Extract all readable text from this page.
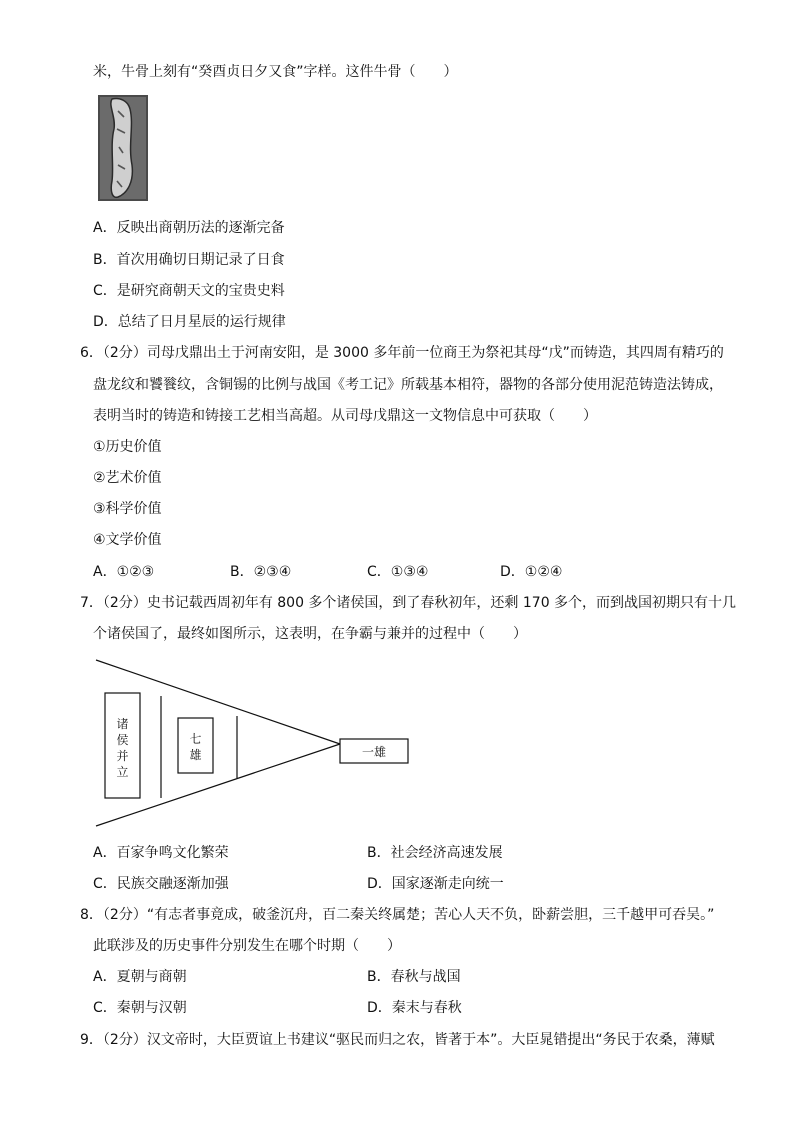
米，牛骨上刻有“癸酉贞日夕又食”字样。这件牛骨（　　）
A．反映出商朝历法的逐渐完备
B．首次用确切日期记录了日食
C．是研究商朝天文的宝贵史料
D．总结了日月星辰的运行规律
6．（2分）司母戊鼎出土于河南安阳，是 3000 多年前一位商王为祭祀其母“戊”而铸造，其四周有精巧的
盘龙纹和饕餮纹，含铜锡的比例与战国《考工记》所载基本相符，器物的各部分使用泥范铸造法铸成，
表明当时的铸造和铸接工艺相当高超。从司母戊鼎这一文物信息中可获取（　　）
①历史价值
②艺术价值
③科学价值
④文学价值
A．①②③	B．②③④	C．①③④	D．①②④
7．（2分）史书记载西周初年有 800 多个诸侯国，到了春秋初年，还剩 170 多个，而到战国初期只有十几
个诸侯国了，最终如图所示，这表明，在争霸与兼并的过程中（　　）
诸
侯
并
立
七
雄	一雄
A．百家争鸣文化繁荣	B．社会经济高速发展
C．民族交融逐渐加强	D．国家逐渐走向统一
8．（2分）“有志者事竟成，破釜沉舟，百二秦关终属楚；苦心人天不负，卧薪尝胆，三千越甲可吞吴。”
此联涉及的历史事件分别发生在哪个时期（　　）
A．夏朝与商朝	B．春秋与战国
C．秦朝与汉朝	D．秦末与春秋
9．（2分）汉文帝时，大臣贾谊上书建议“驱民而归之农，皆著于本”。大臣晁错提出“务民于农桑，薄赋
